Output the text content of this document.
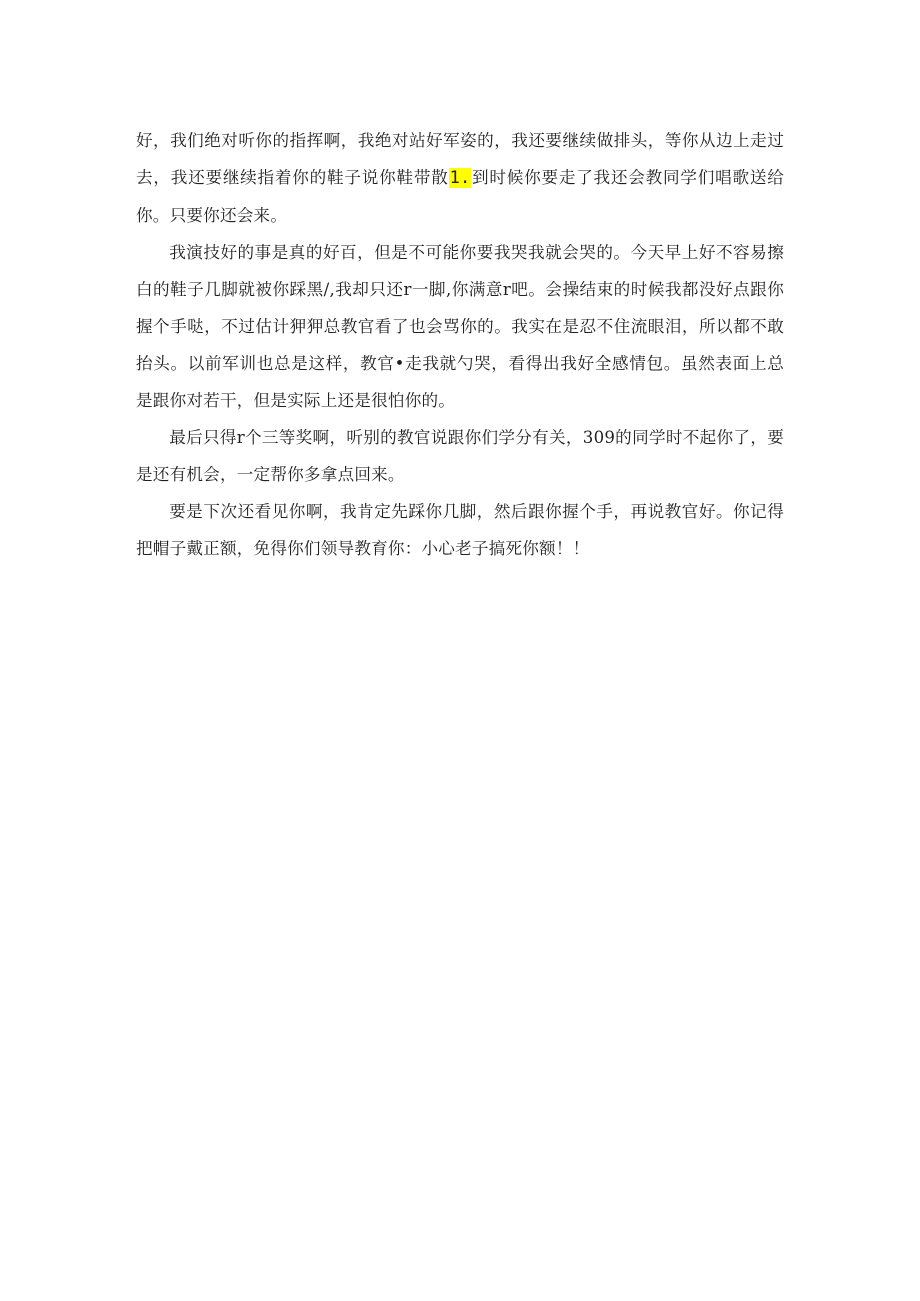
好，我们绝对听你的指挥啊，我绝对站好军姿的，我还要继续做排头，等你从边上走过去，我还要继续指着你的鞋子说你鞋带散1.到时候你要走了我还会教同学们唱歌送给你。只要你还会来。

我演技好的事是真的好百，但是不可能你要我哭我就会哭的。今天早上好不容易擦白的鞋子几脚就被你踩黑/,我却只还r一脚,你满意r吧。会操结束的时候我都没好点跟你握个手哒，不过估计狎狎总教官看了也会骂你的。我实在是忍不住流眼泪，所以都不敢抬头。以前军训也总是这样，教官•走我就勺哭，看得出我好全感情包。虽然表面上总是跟你对若干，但是实际上还是很怕你的。

最后只得r个三等奖啊，听别的教官说跟你们学分有关，309的同学时不起你了，要是还有机会，一定帮你多拿点回来。

要是下次还看见你啊，我肯定先踩你几脚，然后跟你握个手，再说教官好。你记得把帽子戴正额，免得你们领导教育你：小心老子搞死你额！！
